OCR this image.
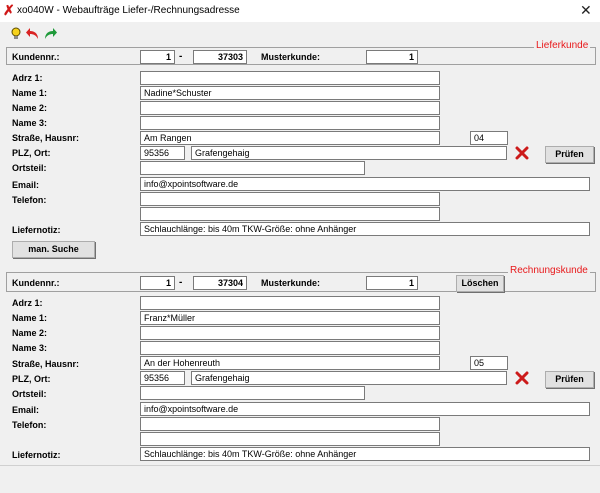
✗ xo040W - Webaufträge Liefer-/Rechnungsadresse	✕
Lieferkunde
Kundennr.:	1 -	37303	Musterkunde:	1
Adrz 1:
Name 1:	Nadine*Schuster
Name 2:
Name 3:
Straße, Hausnr:	Am Rangen	04
PLZ, Ort:	95356	Grafengehaig	Prüfen
Ortsteil:
Email:	info@xpointsoftware.de
Telefon:
Liefernotiz:	Schlauchlänge: bis 40m TKW-Größe: ohne Anhänger
man. Suche
Rechnungskunde
Kundennr.:	1 -	37304	Musterkunde:	1	Löschen
Adrz 1:
Name 1:	Franz*Müller
Name 2:
Name 3:
Straße, Hausnr:	An der Hohenreuth	05
PLZ, Ort:	95356	Grafengehaig	Prüfen
Ortsteil:
Email:	info@xpointsoftware.de
Telefon:
Liefernotiz:	Schlauchlänge: bis 40m TKW-Größe: ohne Anhänger
